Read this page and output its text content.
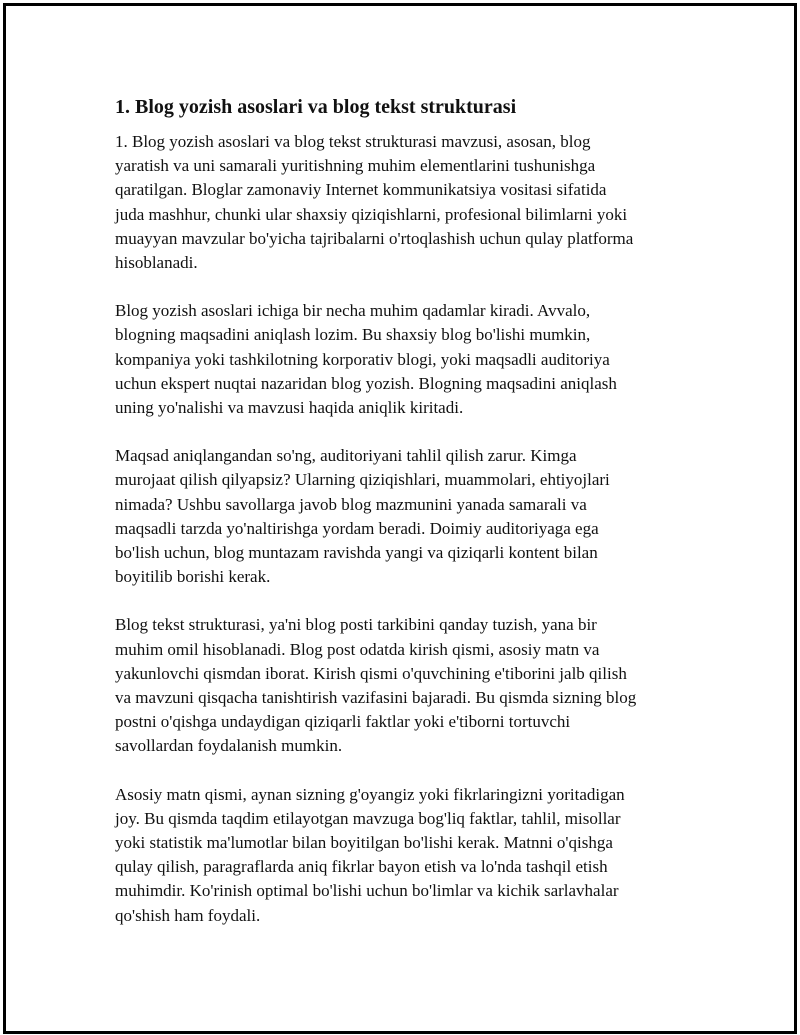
1. Blog yozish asoslari va blog tekst strukturasi

1. Blog yozish asoslari va blog tekst strukturasi mavzusi, asosan, blog
yaratish va uni samarali yuritishning muhim elementlarini tushunishga
qaratilgan. Bloglar zamonaviy Internet kommunikatsiya vositasi sifatida
juda mashhur, chunki ular shaxsiy qiziqishlarni, profesional bilimlarni yoki
muayyan mavzular bo'yicha tajribalarni o'rtoqlashish uchun qulay platforma
hisoblanadi.

Blog yozish asoslari ichiga bir necha muhim qadamlar kiradi. Avvalo,
blogning maqsadini aniqlash lozim. Bu shaxsiy blog bo'lishi mumkin,
kompaniya yoki tashkilotning korporativ blogi, yoki maqsadli auditoriya
uchun ekspert nuqtai nazaridan blog yozish. Blogning maqsadini aniqlash
uning yo'nalishi va mavzusi haqida aniqlik kiritadi.

Maqsad aniqlangandan so'ng, auditoriyani tahlil qilish zarur. Kimga
murojaat qilish qilyapsiz? Ularning qiziqishlari, muammolari, ehtiyojlari
nimada? Ushbu savollarga javob blog mazmunini yanada samarali va
maqsadli tarzda yo'naltirishga yordam beradi. Doimiy auditoriyaga ega
bo'lish uchun, blog muntazam ravishda yangi va qiziqarli kontent bilan
boyitilib borishi kerak.

Blog tekst strukturasi, ya'ni blog posti tarkibini qanday tuzish, yana bir
muhim omil hisoblanadi. Blog post odatda kirish qismi, asosiy matn va
yakunlovchi qismdan iborat. Kirish qismi o'quvchining e'tiborini jalb qilish
va mavzuni qisqacha tanishtirish vazifasini bajaradi. Bu qismda sizning blog
postni o'qishga undaydigan qiziqarli faktlar yoki e'tiborni tortuvchi
savollardan foydalanish mumkin.

Asosiy matn qismi, aynan sizning g'oyangiz yoki fikrlaringizni yoritadigan
joy. Bu qismda taqdim etilayotgan mavzuga bog'liq faktlar, tahlil, misollar
yoki statistik ma'lumotlar bilan boyitilgan bo'lishi kerak. Matnni o'qishga
qulay qilish, paragraflarda aniq fikrlar bayon etish va lo'nda tashqil etish
muhimdir. Ko'rinish optimal bo'lishi uchun bo'limlar va kichik sarlavhalar
qo'shish ham foydali.
